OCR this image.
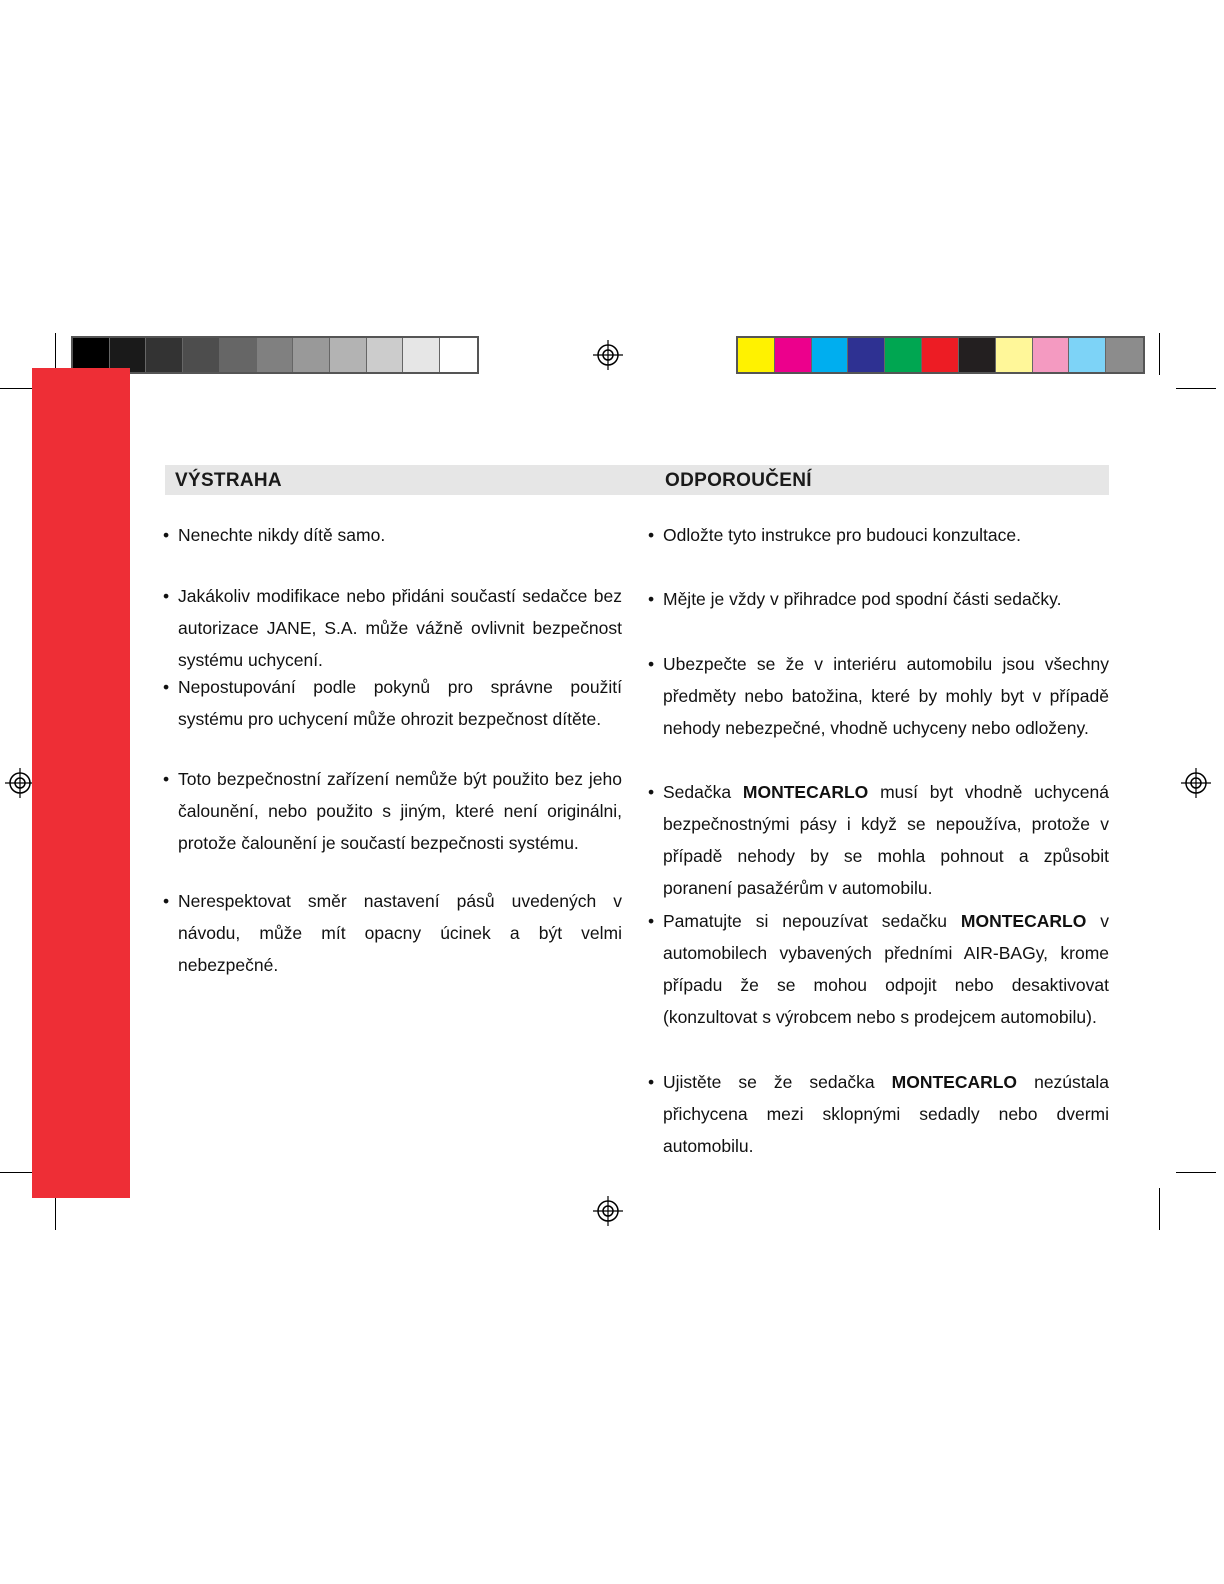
VÝSTRAHA	ODPOROUČENÍ
• Nenechte nikdy dítě samo.
• Jakákoliv modifikace nebo přidáni součastí sedačce bez autorizace JANE, S.A. může vážně ovlivnit bezpečnost systému uchycení.
• Nepostupování podle pokynů pro správne použití systému pro uchycení může ohrozit bezpečnost dítěte.
• Toto bezpečnostní zařízení nemůže být použito bez jeho čalounění, nebo použito s jiným, které není originálni, protože čalounění je součastí bezpečnosti systému.
• Nerespektovat směr nastavení pásů uvedených v návodu, může mít opacny úcinek a být velmi nebezpečné.
• Odložte tyto instrukce pro budouci konzultace.
• Mějte je vždy v přihradce pod spodní části sedačky.
• Ubezpečte se že v interiéru automobilu jsou všechny předměty nebo batožina, které by mohly byt v případě nehody nebezpečné, vhodně uchyceny nebo odloženy.
• Sedačka MONTECARLO musí byt vhodně uchycená bezpečnostnými pásy i když se nepoužíva, protože v případě nehody by se mohla pohnout a způsobit poranení pasažérům v automobilu.
• Pamatujte si nepouzívat sedačku MONTECARLO v automobilech vybavených předními AIR-BAGy, krome případu že se mohou odpojit nebo desaktivovat (konzultovat s výrobcem nebo s prodejcem automobilu).
• Ujistěte se že sedačka MONTECARLO nezústala přichycena mezi sklopnými sedadly nebo dvermi automobilu.
